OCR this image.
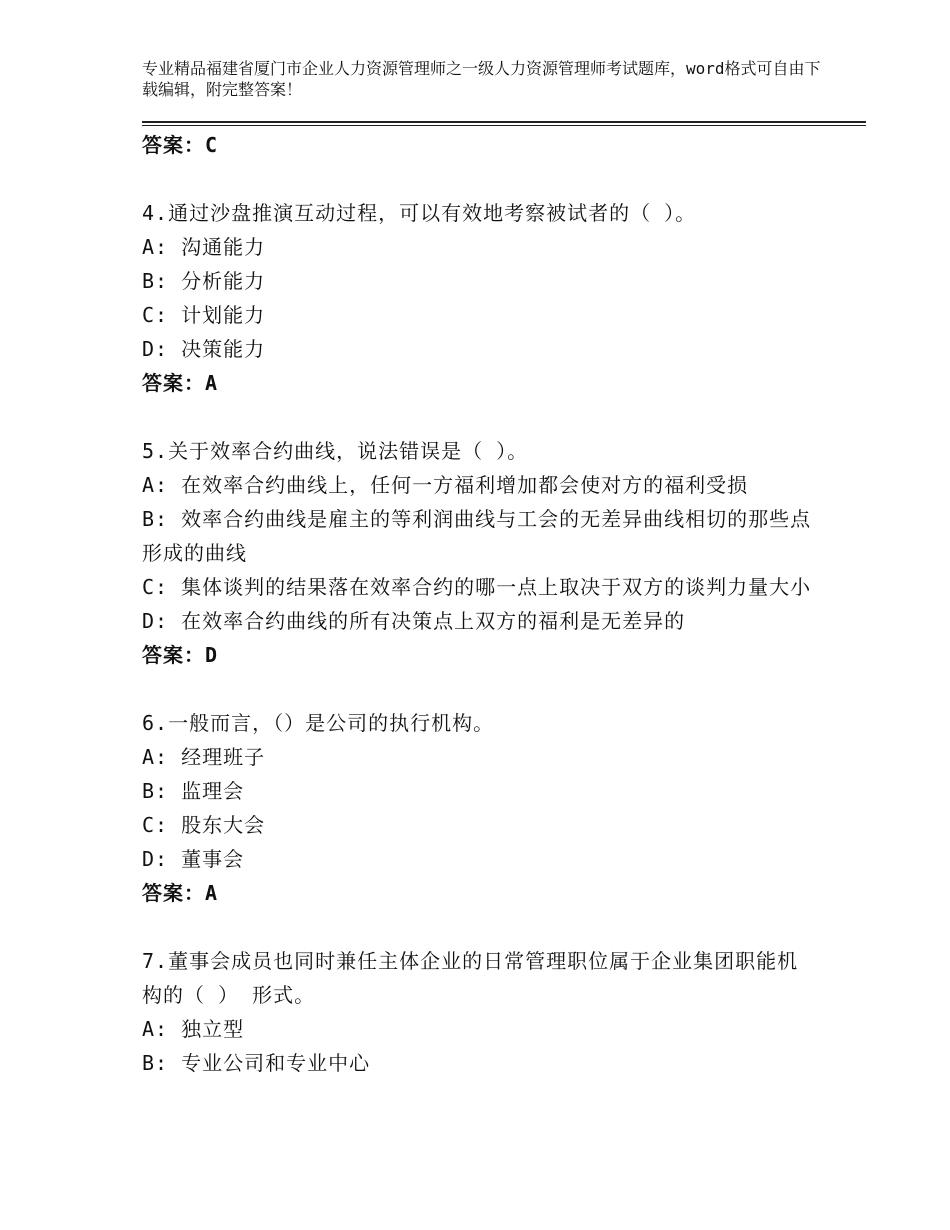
专业精品福建省厦门市企业人力资源管理师之一级人力资源管理师考试题库，word格式可自由下载编辑，附完整答案！
答案：C
4.通过沙盘推演互动过程，可以有效地考察被试者的（ ）。
A: 沟通能力
B: 分析能力
C: 计划能力
D: 决策能力
答案：A
5.关于效率合约曲线，说法错误是（ ）。
A: 在效率合约曲线上，任何一方福利增加都会使对方的福利受损
B: 效率合约曲线是雇主的等利润曲线与工会的无差异曲线相切的那些点形成的曲线
C: 集体谈判的结果落在效率合约的哪一点上取决于双方的谈判力量大小
D: 在效率合约曲线的所有决策点上双方的福利是无差异的
答案：D
6.一般而言，（）是公司的执行机构。
A: 经理班子
B: 监理会
C: 股东大会
D: 董事会
答案：A
7.董事会成员也同时兼任主体企业的日常管理职位属于企业集团职能机构的（ ） 形式。
A: 独立型
B: 专业公司和专业中心
